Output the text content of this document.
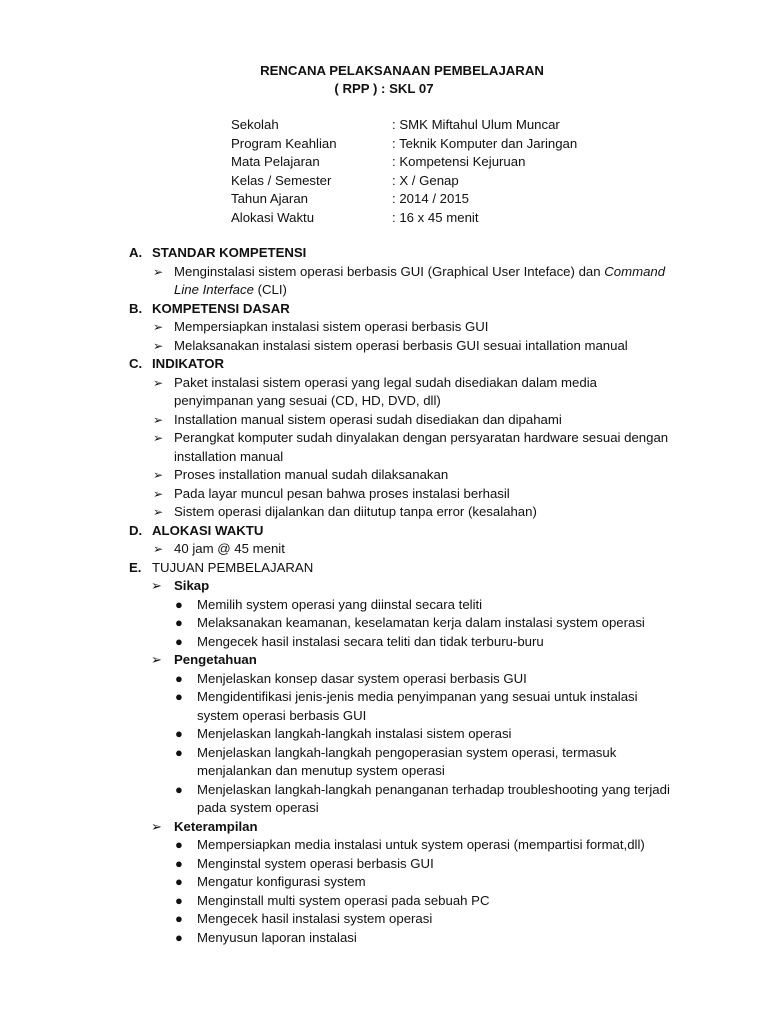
RENCANA PELAKSANAAN PEMBELAJARAN
( RPP ) : SKL 07
Sekolah	: SMK Miftahul Ulum Muncar
Program Keahlian	: Teknik Komputer dan Jaringan
Mata Pelajaran	: Kompetensi Kejuruan
Kelas / Semester	: X / Genap
Tahun Ajaran	: 2014 / 2015
Alokasi Waktu	: 16 x 45 menit
A. STANDAR KOMPETENSI
➢ Menginstalasi sistem operasi berbasis GUI (Graphical User Inteface) dan Command
Line Interface (CLI)
B. KOMPETENSI DASAR
➢ Mempersiapkan instalasi sistem operasi berbasis GUI
➢ Melaksanakan instalasi sistem operasi berbasis GUI sesuai intallation manual
C. INDIKATOR
➢ Paket instalasi sistem operasi yang legal sudah disediakan dalam media penyimpanan yang sesuai (CD, HD, DVD, dll)
➢ Installation manual sistem operasi sudah disediakan dan dipahami
➢ Perangkat komputer sudah dinyalakan dengan persyaratan hardware sesuai dengan installation manual
➢ Proses installation manual sudah dilaksanakan
➢ Pada layar muncul pesan bahwa proses instalasi berhasil
➢ Sistem operasi dijalankan dan diitutup tanpa error (kesalahan)
D. ALOKASI WAKTU
➢ 40 jam @ 45 menit
E. TUJUAN PEMBELAJARAN
➢ Sikap
● Memilih system operasi yang diinstal secara teliti
● Melaksanakan keamanan, keselamatan kerja dalam instalasi system operasi
● Mengecek hasil instalasi secara teliti dan tidak terburu-buru
➢ Pengetahuan
● Menjelaskan konsep dasar system operasi berbasis GUI
● Mengidentifikasi jenis-jenis media penyimpanan yang sesuai untuk instalasi system operasi berbasis GUI
● Menjelaskan langkah-langkah instalasi sistem operasi
● Menjelaskan langkah-langkah pengoperasian system operasi, termasuk menjalankan dan menutup system operasi
● Menjelaskan langkah-langkah penanganan terhadap troubleshooting yang terjadi pada system operasi
➢ Keterampilan
● Mempersiapkan media instalasi untuk system operasi (mempartisi format,dll)
● Menginstal system operasi berbasis GUI
● Mengatur konfigurasi system
● Menginstall multi system operasi pada sebuah PC
● Mengecek hasil instalasi system operasi
● Menyusun laporan instalasi
